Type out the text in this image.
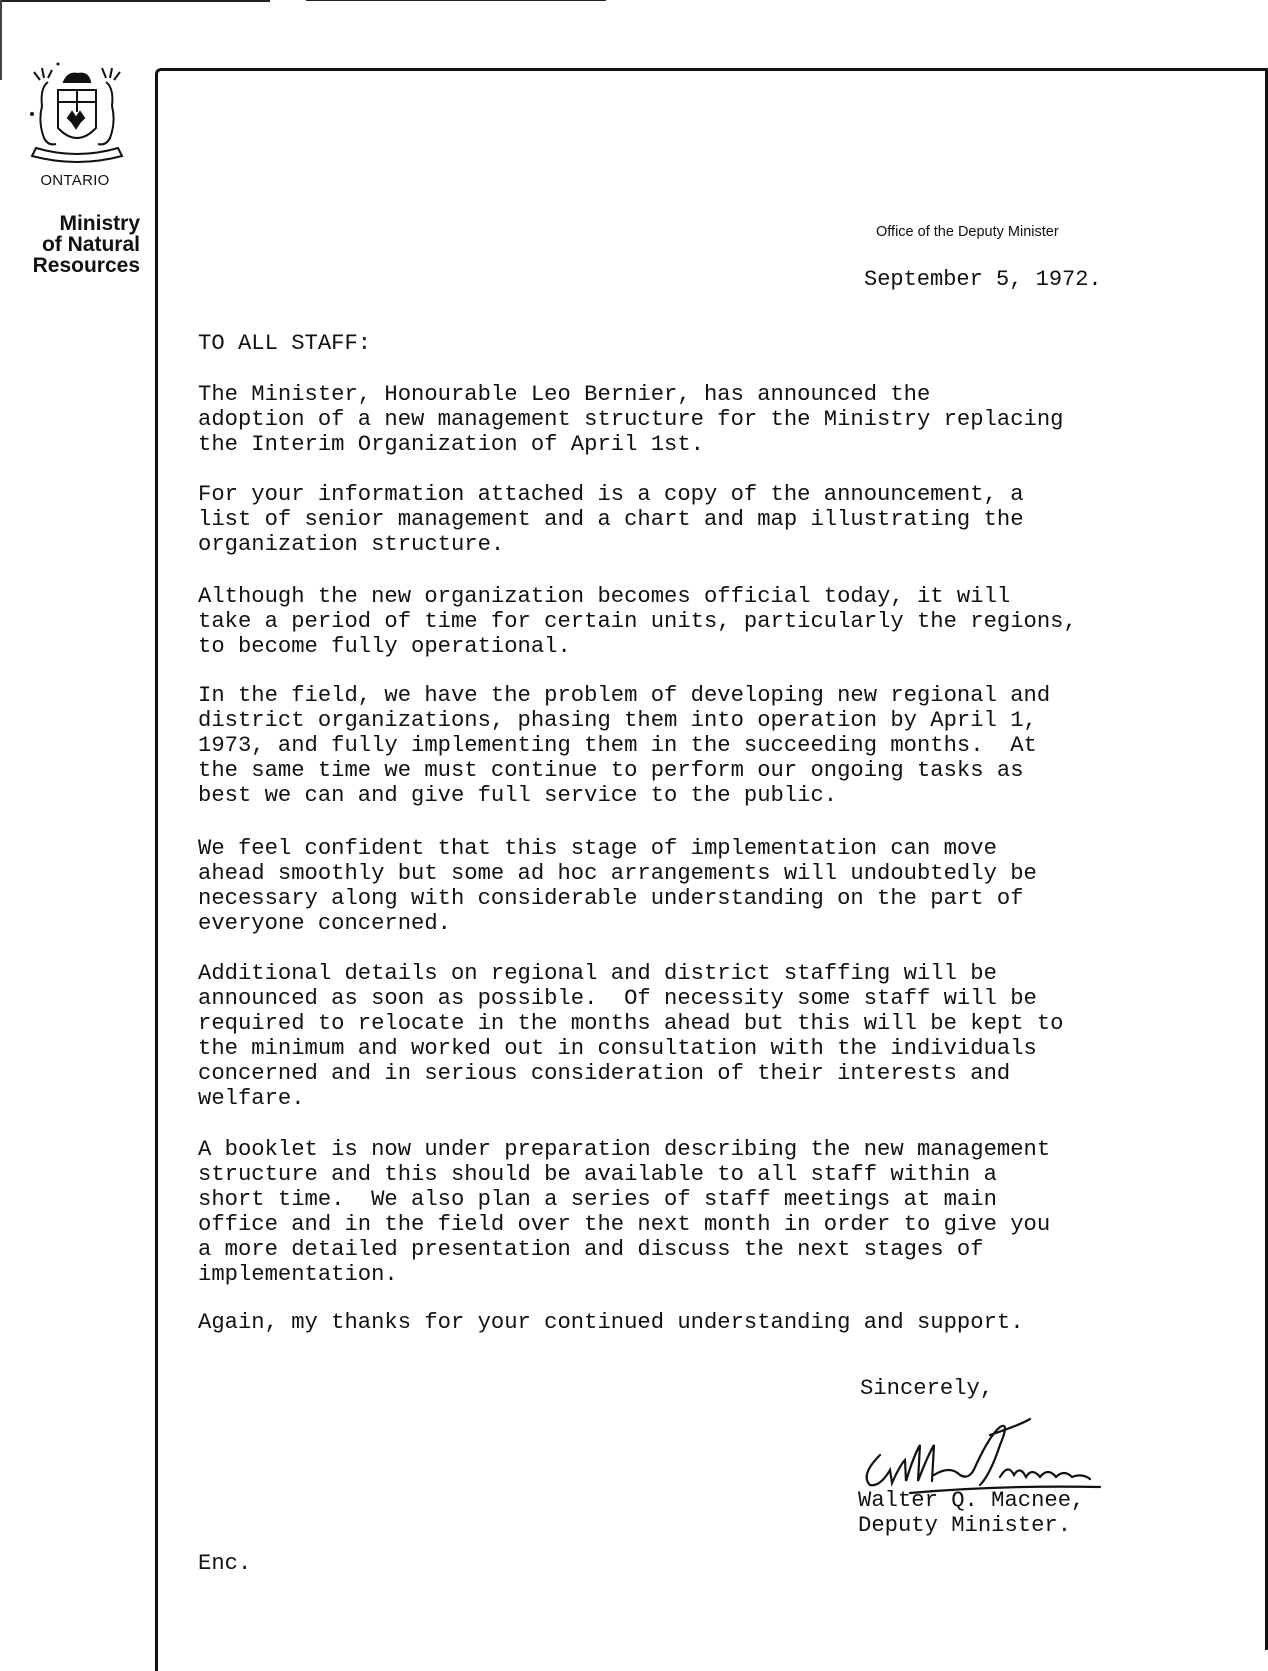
ONTARIO
Ministry
of Natural
Resources
Office of the Deputy Minister
September 5, 1972.
TO ALL STAFF:
The Minister, Honourable Leo Bernier, has announced the
adoption of a new management structure for the Ministry replacing
the Interim Organization of April 1st.
For your information attached is a copy of the announcement, a
list of senior management and a chart and map illustrating the
organization structure.
Although the new organization becomes official today, it will
take a period of time for certain units, particularly the regions,
to become fully operational.
In the field, we have the problem of developing new regional and
district organizations, phasing them into operation by April 1,
1973, and fully implementing them in the succeeding months.  At
the same time we must continue to perform our ongoing tasks as
best we can and give full service to the public.
We feel confident that this stage of implementation can move
ahead smoothly but some ad hoc arrangements will undoubtedly be
necessary along with considerable understanding on the part of
everyone concerned.
Additional details on regional and district staffing will be
announced as soon as possible.  Of necessity some staff will be
required to relocate in the months ahead but this will be kept to
the minimum and worked out in consultation with the individuals
concerned and in serious consideration of their interests and
welfare.
A booklet is now under preparation describing the new management
structure and this should be available to all staff within a
short time.  We also plan a series of staff meetings at main
office and in the field over the next month in order to give you
a more detailed presentation and discuss the next stages of
implementation.
Again, my thanks for your continued understanding and support.
Sincerely,
Walter Q. Macnee,
Deputy Minister.
Enc.
